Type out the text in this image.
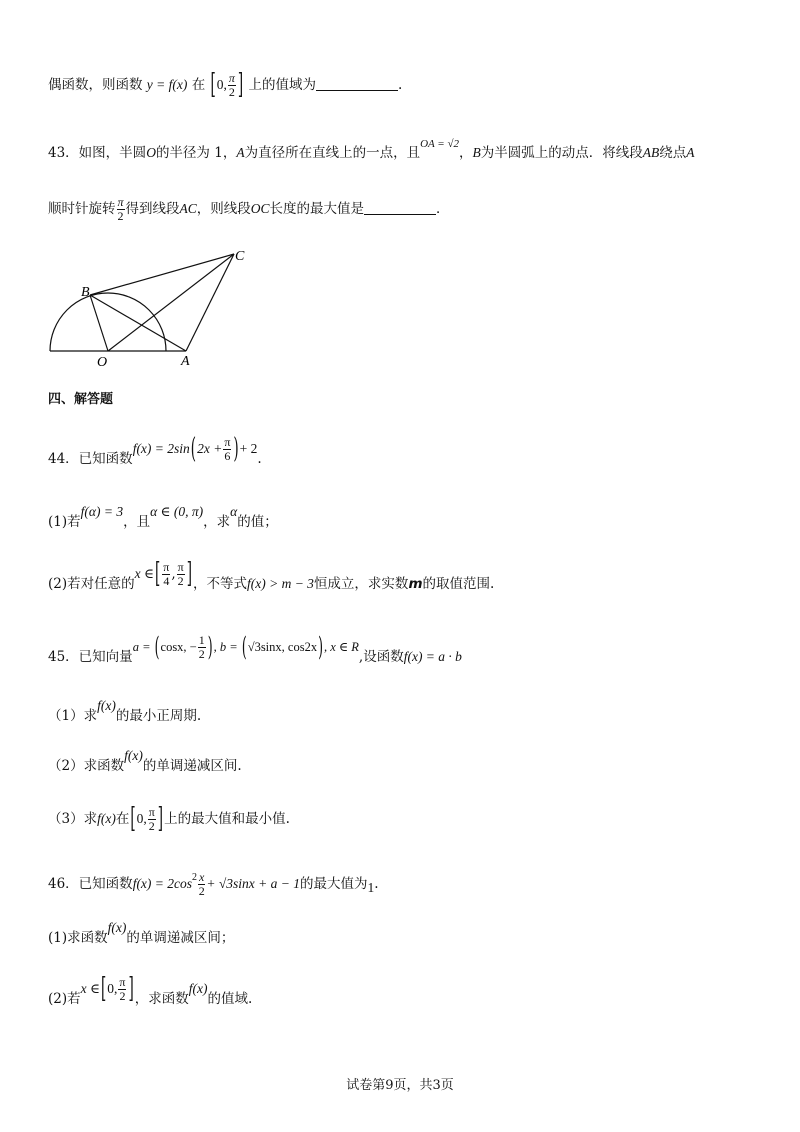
偶函数，则函数 y = f(x) 在 [0, $\frac{\pi}{2}$ ] 上的值域为	.
43．如图，半圆O的半径为 1，A为直径所在直线上的一点，且$^{OA = √2}$，B为半圆弧上的动点．将线段AB绕点A
顺时针旋转 $\frac{\pi}{2}$ 得到线段AC，则线段OC长度的最大值是	．
B
C
O	A
四、解答题
44．已知函数$f(x) = 2\sin(2x + \frac{\pi}{6}$ )+ 2.
(1)若f(α) = 3，且α ∈ (0, π)，求α的值；
(2)若对任意的x ∈[ $\frac{\pi}{4}$ , $\frac{\pi}{2}$ ]，不等式f(x) > m − 3恒成立，求实数m的取值范围.
45．已知向量a = (cosx, − $\frac{1}{2}$ ), b = (√3sinx, cos2x), x ∈ R,设函数f(x) = a · b
（1）求f(x)的最小正周期.
（2）求函数f(x)的单调递减区间.
（3）求f(x)在[0, $\frac{\pi}{2}$ ]上的最大值和最小值.
46．已知函数$f(x) = 2\cos^2 \frac{x}{2} + √3\sin x + a - 1$的最大值为1.
(1)求函数f(x)的单调递减区间；
(2)若x ∈[0, $\frac{\pi}{2}$ ]，求函数f(x)的值域.
试卷第9页，共3页
